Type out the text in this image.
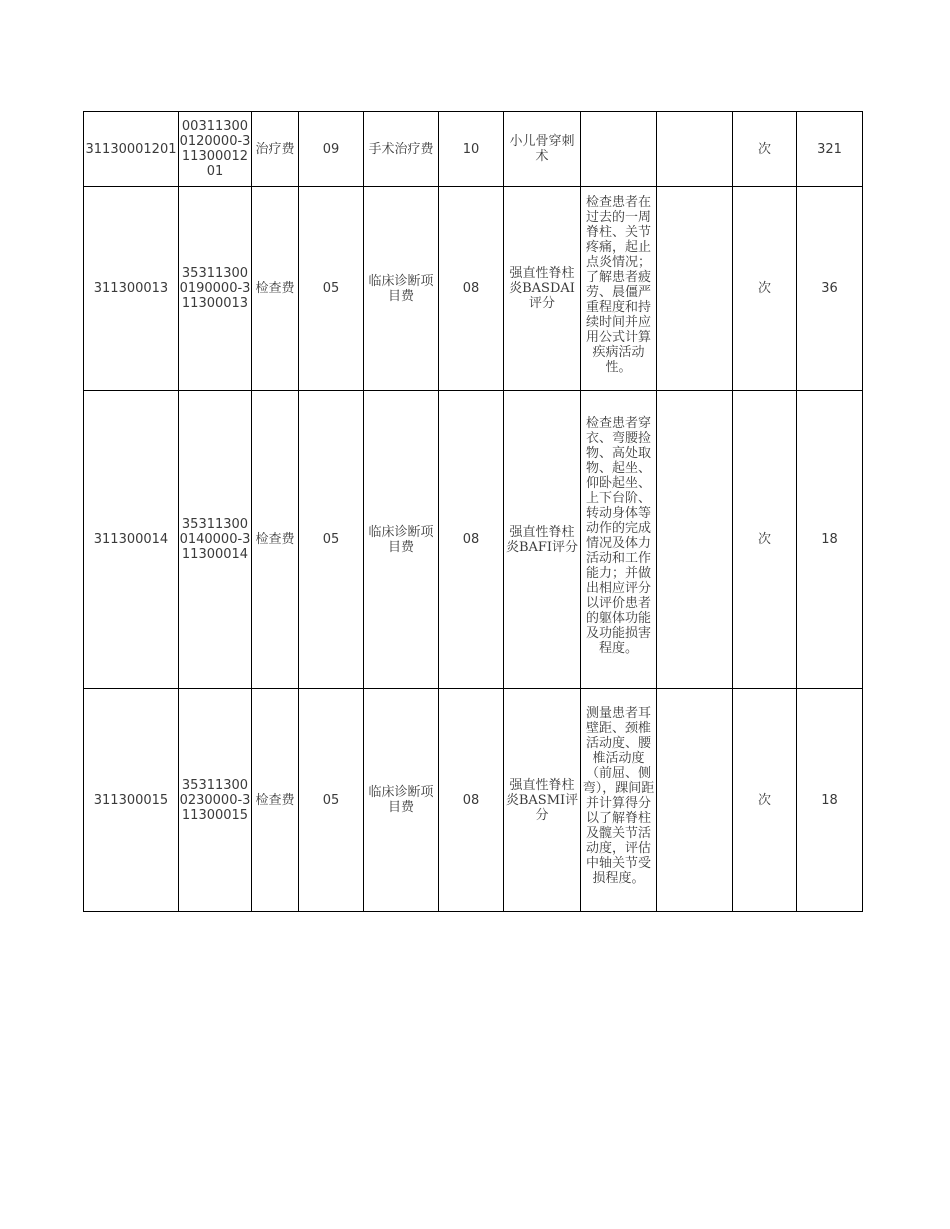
31130001201	003113000120000-31130001201	治疗费	09	手术治疗费	10	小儿骨穿刺术			次	321
311300013	353113000190000-311300013	检查费	05	临床诊断项目费	08	强直性脊柱炎BASDAI评分	检查患者在过去的一周脊柱、关节疼痛，起止点炎情况；了解患者疲劳、晨僵严重程度和持续时间并应用公式计算疾病活动性。		次	36
311300014	353113000140000-311300014	检查费	05	临床诊断项目费	08	强直性脊柱炎BAFI评分	检查患者穿衣、弯腰捡物、高处取物、起坐、仰卧起坐、上下台阶、转动身体等动作的完成情况及体力活动和工作能力；并做出相应评分以评价患者的躯体功能及功能损害程度。		次	18
311300015	353113000230000-311300015	检查费	05	临床诊断项目费	08	强直性脊柱炎BASMI评分	测量患者耳壁距、颈椎活动度、腰椎活动度（前屈、侧弯），踝间距并计算得分以了解脊柱及髋关节活动度，评估中轴关节受损程度。		次	18
